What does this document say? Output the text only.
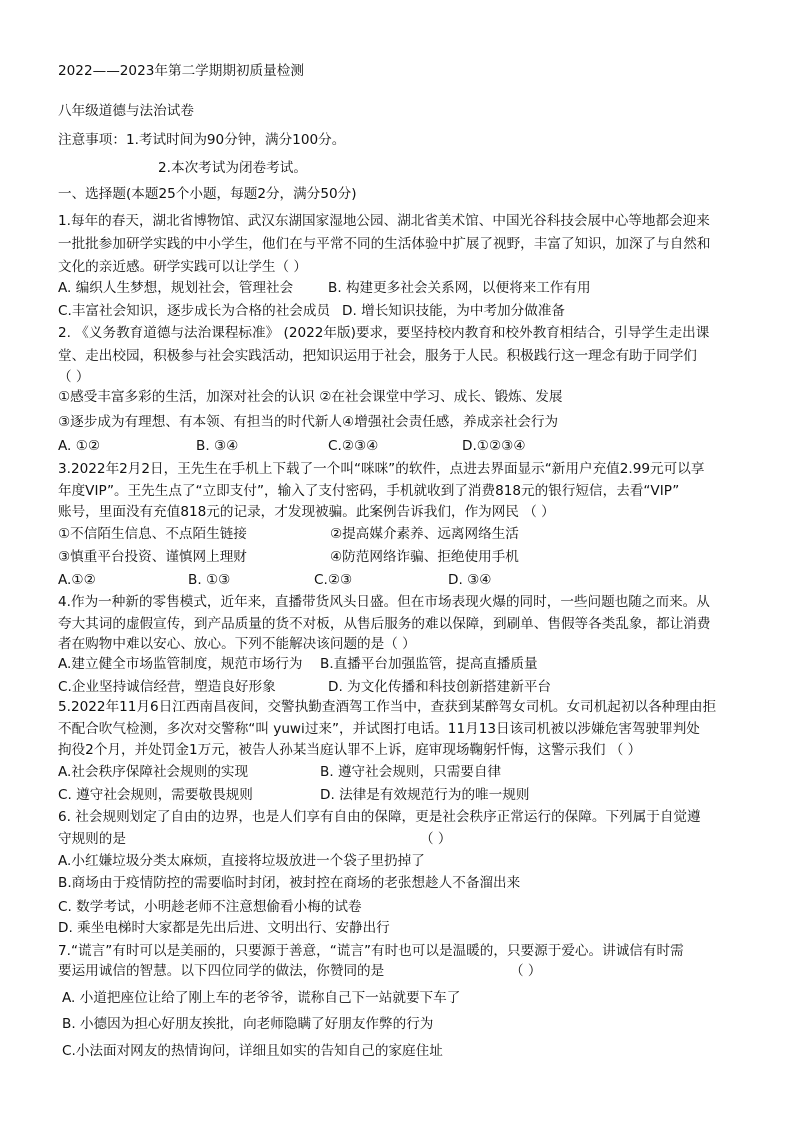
2022——2023年第二学期期初质量检测
八年级道德与法治试卷
注意事项：1.考试时间为90分钟，满分100分。
2.本次考试为闭卷考试。
一、选择题(本题25个小题，每题2分，满分50分)
1.每年的春天，湖北省博物馆、武汉东湖国家湿地公园、湖北省美术馆、中国光谷科技会展中心等地都会迎来
一批批参加研学实践的中小学生，他们在与平常不同的生活体验中扩展了视野，丰富了知识，加深了与自然和
文化的亲近感。研学实践可以让学生（ ）
A. 编织人生梦想，规划社会，管理社会	B. 构建更多社会关系网，以便将来工作有用
C.丰富社会知识，逐步成长为合格的社会成员 D. 增长知识技能，为中考加分做准备
2. 《义务教育道德与法治课程标准》 (2022年版)要求，要坚持校内教育和校外教育相结合，引导学生走出课
堂、走出校园，积极参与社会实践活动，把知识运用于社会，服务于人民。积极践行这一理念有助于同学们
（ ）
①感受丰富多彩的生活，加深对社会的认识 ②在社会课堂中学习、成长、锻炼、发展
③逐步成为有理想、有本领、有担当的时代新人④增强社会责任感，养成亲社会行为
A. ①②	B. ③④	C.②③④	D.①②③④
3.2022年2月2日，王先生在手机上下载了一个叫“咪咪”的软件，点进去界面显示“新用户充值2.99元可以享
年度VIP”。王先生点了“立即支付”，输入了支付密码，手机就收到了消费818元的银行短信，去看“VIP”
账号，里面没有充值818元的记录，才发现被骗。此案例告诉我们，作为网民 （ ）
①不信陌生信息、不点陌生链接	②提高媒介素养、远离网络生活
③慎重平台投资、谨慎网上理财	④防范网络诈骗、拒绝使用手机
A.①②	B. ①③	C.②③	D. ③④
4.作为一种新的零售模式，近年来，直播带货风头日盛。但在市场表现火爆的同时，一些问题也随之而来。从
夸大其词的虚假宣传，到产品质量的货不对板，从售后服务的难以保障，到刷单、售假等各类乱象，都让消费
者在购物中难以安心、放心。下列不能解决该问题的是（ ）
A.建立健全市场监管制度，规范市场行为 B.直播平台加强监管，提高直播质量
C.企业坚持诚信经营，塑造良好形象	D. 为文化传播和科技创新搭建新平台
5.2022年11月6日江西南昌夜间，交警执勤查酒驾工作当中，查获到某醉驾女司机。女司机起初以各种理由拒
不配合吹气检测，多次对交警称“叫 yuwi过来”，并试图打电话。11月13日该司机被以涉嫌危害驾驶罪判处
拘役2个月，并处罚金1万元，被告人孙某当庭认罪不上诉，庭审现场鞠躬忏悔，这警示我们 （ ）
A.社会秩序保障社会规则的实现	B. 遵守社会规则，只需要自律
C. 遵守社会规则，需要敬畏规则	D. 法律是有效规范行为的唯一规则
6. 社会规则划定了自由的边界，也是人们享有自由的保障，更是社会秩序正常运行的保障。下列属于自觉遵
守规则的是	（ ）
A.小红嫌垃圾分类太麻烦，直接将垃圾放进一个袋子里扔掉了
B.商场由于疫情防控的需要临时封闭，被封控在商场的老张想趁人不备溜出来
C. 数学考试，小明趁老师不注意想偷看小梅的试卷
D. 乘坐电梯时大家都是先出后进、文明出行、安静出行
7.“谎言”有时可以是美丽的，只要源于善意，“谎言”有时也可以是温暖的，只要源于爱心。讲诚信有时需
要运用诚信的智慧。以下四位同学的做法，你赞同的是	（ ）
A. 小道把座位让给了刚上车的老爷爷，谎称自己下一站就要下车了
B. 小德因为担心好朋友挨批，向老师隐瞒了好朋友作弊的行为
C.小法面对网友的热情询问，详细且如实的告知自己的家庭住址
